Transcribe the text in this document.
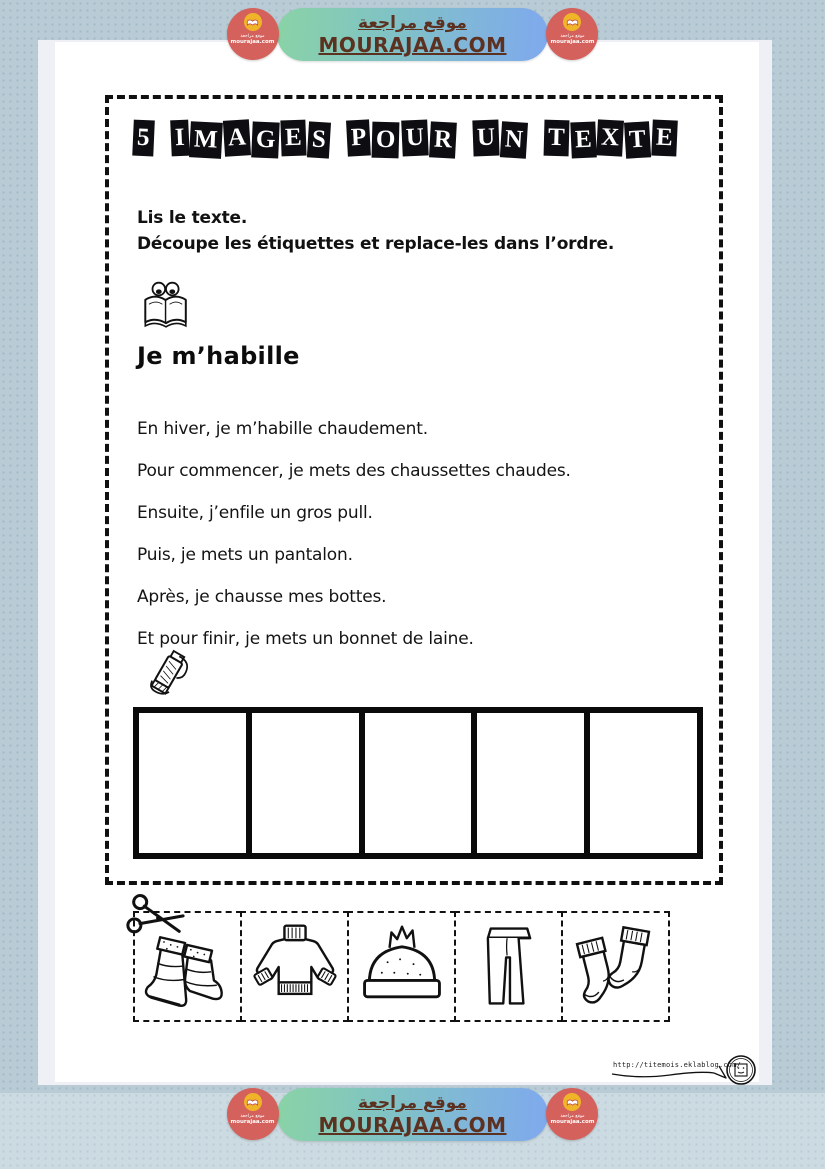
موقع مراجعة
mourajaa.com
موقع مراجعة
MOURAJAA.COM	موقع مراجعة
mourajaa.com
5 I M A G E S P O U R U N T E X T E

Lis le texte.

Découpe les étiquettes et replace-les dans l’ordre.

Je m’habille

En hiver, je m’habille chaudement.

Pour commencer, je mets des chaussettes chaudes.

Ensuite, j’enfile un gros pull.

Puis, je mets un pantalon.

Après, je chausse mes bottes.

Et pour finir, je mets un bonnet de laine.

http://titemois.eklablog.com/
موقع مراجعة
mourajaa.com
موقع مراجعة
MOURAJAA.COM	موقع مراجعة
mourajaa.com
